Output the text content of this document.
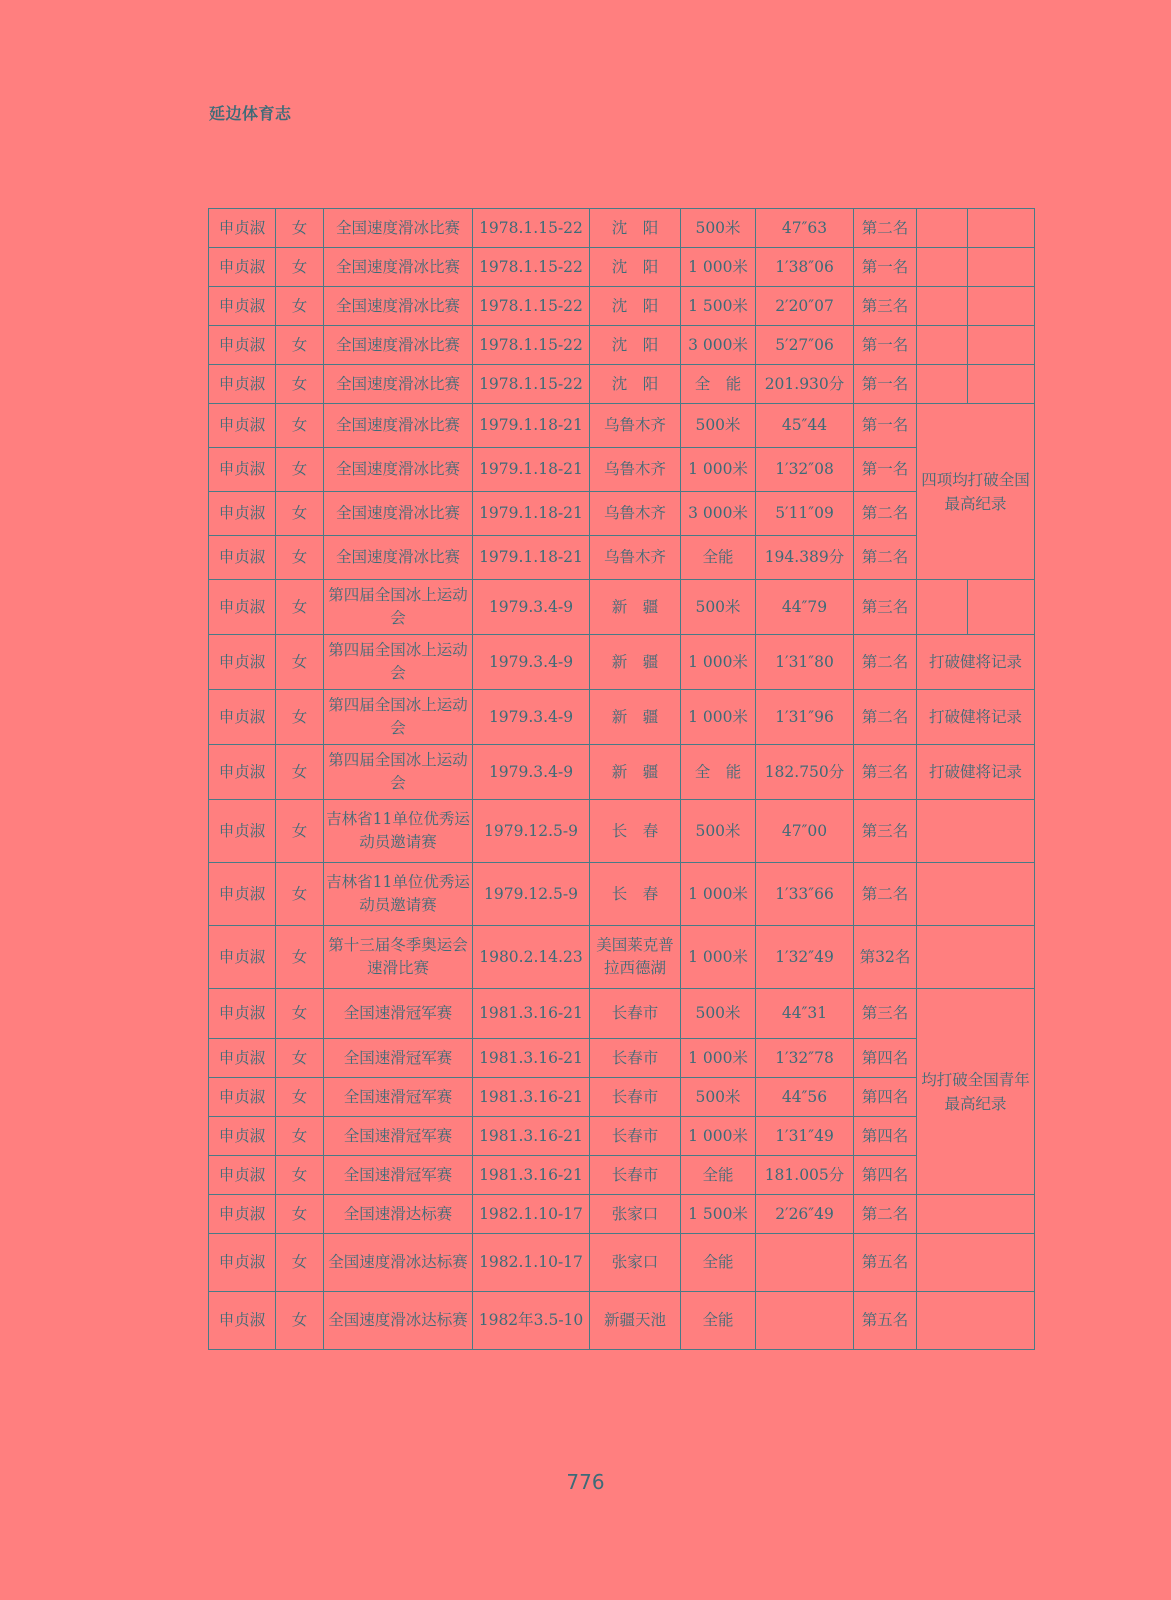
延边体育志
申贞淑	女	全国速度滑冰比赛	1978.1.15-22	沈　阳	500米	47″63	第二名		
申贞淑	女	全国速度滑冰比赛	1978.1.15-22	沈　阳	1 000米	1′38″06	第一名		
申贞淑	女	全国速度滑冰比赛	1978.1.15-22	沈　阳	1 500米	2′20″07	第三名		
申贞淑	女	全国速度滑冰比赛	1978.1.15-22	沈　阳	3 000米	5′27″06	第一名		
申贞淑	女	全国速度滑冰比赛	1978.1.15-22	沈　阳	全　能	201.930分	第一名		
申贞淑	女	全国速度滑冰比赛	1979.1.18-21	乌鲁木齐	500米	45″44	第一名	四项均打破全国最高纪录	
申贞淑	女	全国速度滑冰比赛	1979.1.18-21	乌鲁木齐	1 000米	1′32″08	第一名		
申贞淑	女	全国速度滑冰比赛	1979.1.18-21	乌鲁木齐	3 000米	5′11″09	第二名		
申贞淑	女	全国速度滑冰比赛	1979.1.18-21	乌鲁木齐	全能	194.389分	第二名		
申贞淑	女	第四届全国冰上运动会	1979.3.4-9	新　疆	500米	44″79	第三名		
申贞淑	女	第四届全国冰上运动会	1979.3.4-9	新　疆	1 000米	1′31″80	第二名	打破健将记录	
申贞淑	女	第四届全国冰上运动会	1979.3.4-9	新　疆	1 000米	1′31″96	第二名	打破健将记录	
申贞淑	女	第四届全国冰上运动会	1979.3.4-9	新　疆	全　能	182.750分	第三名	打破健将记录	
申贞淑	女	吉林省11单位优秀运动员邀请赛	1979.12.5-9	长　春	500米	47″00	第三名		
申贞淑	女	吉林省11单位优秀运动员邀请赛	1979.12.5-9	长　春	1 000米	1′33″66	第二名		
申贞淑	女	第十三届冬季奥运会速滑比赛	1980.2.14.23	美国莱克普拉西德湖	1 000米	1′32″49	第32名		
申贞淑	女	全国速滑冠军赛	1981.3.16-21	长春市	500米	44″31	第三名	均打破全国青年最高纪录	
申贞淑	女	全国速滑冠军赛	1981.3.16-21	长春市	1 000米	1′32″78	第四名		
申贞淑	女	全国速滑冠军赛	1981.3.16-21	长春市	500米	44″56	第四名		
申贞淑	女	全国速滑冠军赛	1981.3.16-21	长春市	1 000米	1′31″49	第四名		
申贞淑	女	全国速滑冠军赛	1981.3.16-21	长春市	全能	181.005分	第四名		
申贞淑	女	全国速滑达标赛	1982.1.10-17	张家口	1 500米	2′26″49	第二名		
申贞淑	女	全国速度滑冰达标赛	1982.1.10-17	张家口	全能		第五名		
申贞淑	女	全国速度滑冰达标赛	1982年3.5-10	新疆天池	全能		第五名		
776
